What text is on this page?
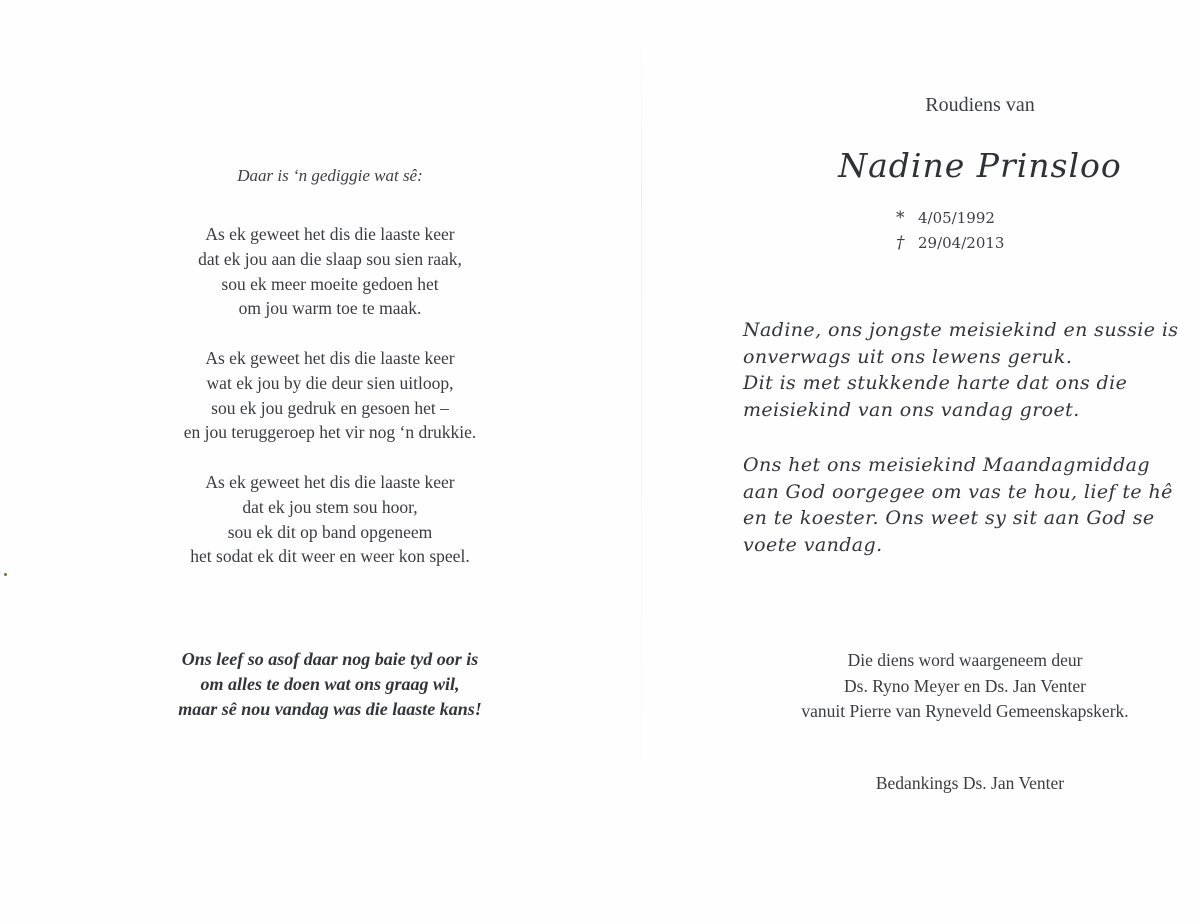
Daar is ‘n gediggie wat sê:
As ek geweet het dis die laaste keer
dat ek jou aan die slaap sou sien raak,
sou ek meer moeite gedoen het
om jou warm toe te maak.
As ek geweet het dis die laaste keer
wat ek jou by die deur sien uitloop,
sou ek jou gedruk en gesoen het –
en jou teruggeroep het vir nog ‘n drukkie.
As ek geweet het dis die laaste keer
dat ek jou stem sou hoor,
sou ek dit op band opgeneem
het sodat ek dit weer en weer kon speel.
Ons leef so asof daar nog baie tyd oor is
om alles te doen wat ons graag wil,
maar sê nou vandag was die laaste kans!
Roudiens van
Nadine Prinsloo
* 4/05/1992
† 29/04/2013
Nadine, ons jongste meisiekind en sussie is
onverwags uit ons lewens geruk.
Dit is met stukkende harte dat ons die
meisiekind van ons vandag groet.
Ons het ons meisiekind Maandagmiddag
aan God oorgegee om vas te hou, lief te hê
en te koester. Ons weet sy sit aan God se
voete vandag.
Die diens word waargeneem deur
Ds. Ryno Meyer en Ds. Jan Venter
vanuit Pierre van Ryneveld Gemeenskapskerk.
Bedankings Ds. Jan Venter
